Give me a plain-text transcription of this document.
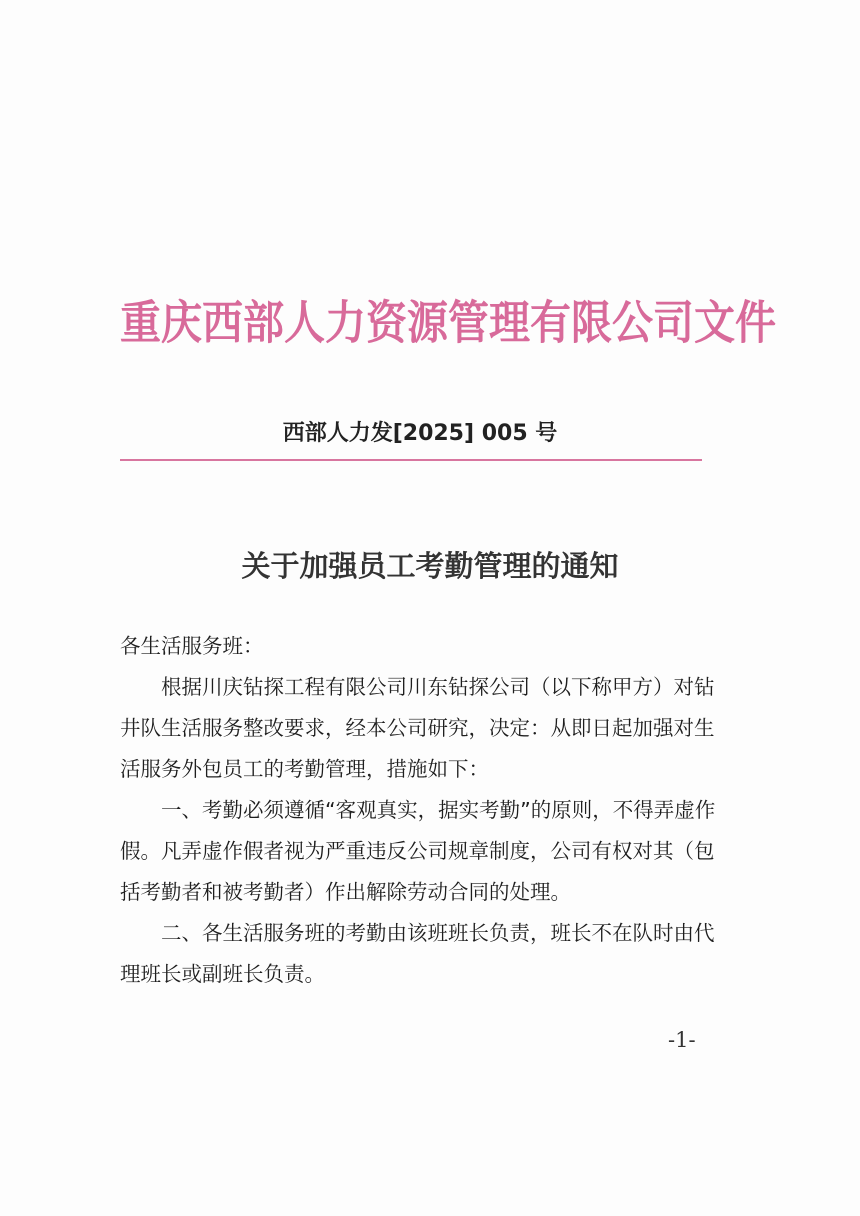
重庆西部人力资源管理有限公司文件
西部人力发[2025] 005 号
关于加强员工考勤管理的通知

各生活服务班：

根据川庆钻探工程有限公司川东钻探公司（以下称甲方）对钻井队生活服务整改要求，经本公司研究，决定：从即日起加强对生活服务外包员工的考勤管理，措施如下：

一、考勤必须遵循“客观真实，据实考勤”的原则，不得弄虚作假。凡弄虚作假者视为严重违反公司规章制度，公司有权对其（包括考勤者和被考勤者）作出解除劳动合同的处理。

二、各生活服务班的考勤由该班班长负责，班长不在队时由代理班长或副班长负责。

-1-
